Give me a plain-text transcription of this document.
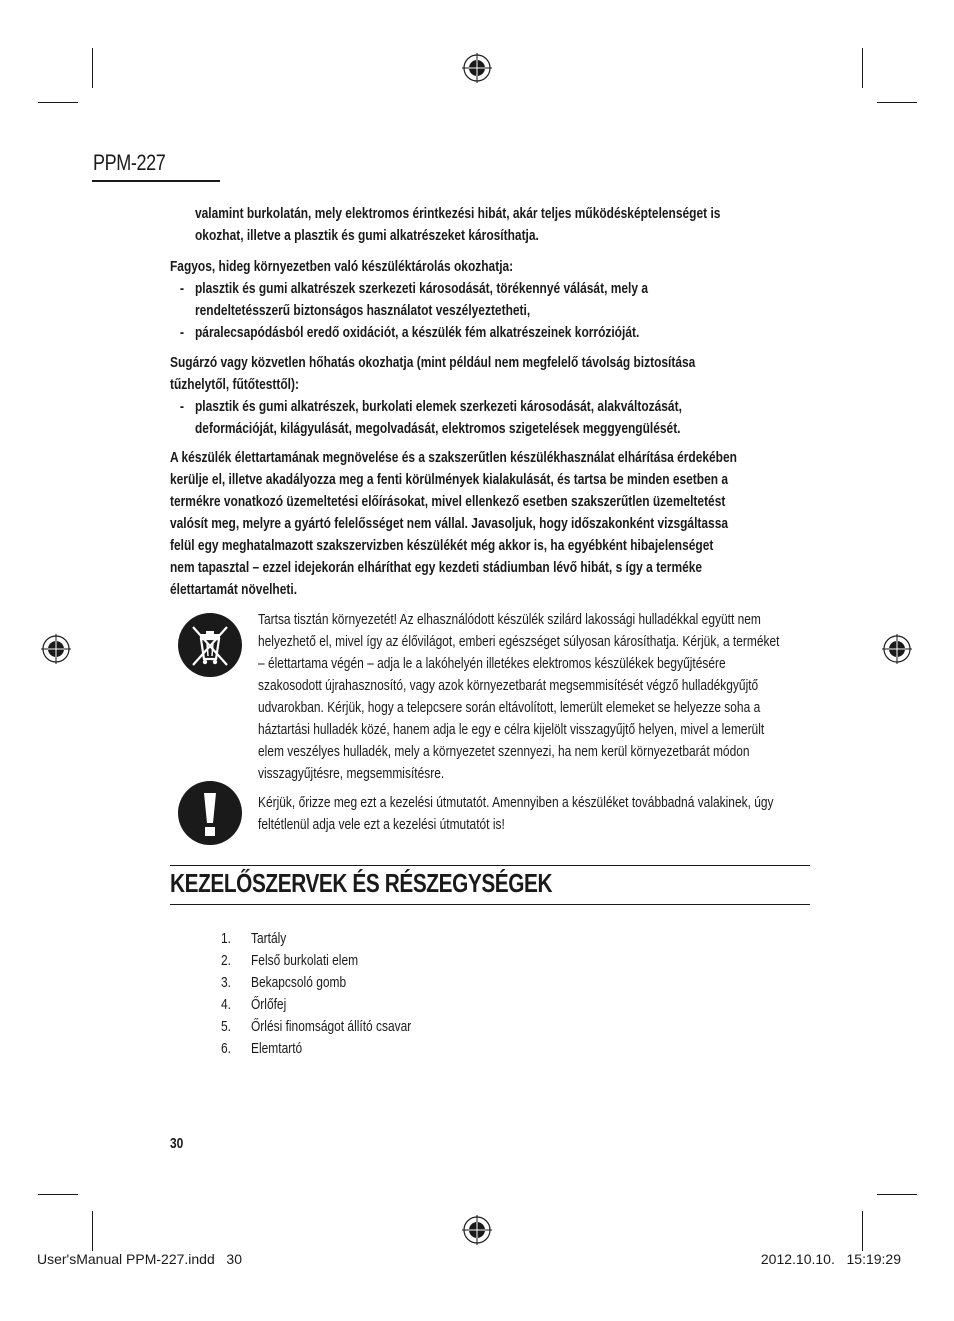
PPM-227
valamint burkolatán, mely elektromos érintkezési hibát, akár teljes működésképtelenséget is
okozhat, illetve a plasztik és gumi alkatrészeket károsíthatja.
Fagyos, hideg környezetben való készüléktárolás okozhatja:
- plasztik és gumi alkatrészek szerkezeti károsodását, törékennyé válását, mely a
rendeltetésszerű biztonságos használatot veszélyeztetheti,
- páralecsapódásból eredő oxidációt, a készülék fém alkatrészeinek korrózióját.
Sugárzó vagy közvetlen hőhatás okozhatja (mint például nem megfelelő távolság biztosítása
tűzhelytől, fűtőtesttől):
- plasztik és gumi alkatrészek, burkolati elemek szerkezeti károsodását, alakváltozását,
deformációját, kilágyulását, megolvadását, elektromos szigetelések meggyengülését.
A készülék élettartamának megnövelése és a szakszerűtlen készülékhasználat elhárítása érdekében
kerülje el, illetve akadályozza meg a fenti körülmények kialakulását, és tartsa be minden esetben a
termékre vonatkozó üzemeltetési előírásokat, mivel ellenkező esetben szakszerűtlen üzemeltetést
valósít meg, melyre a gyártó felelősséget nem vállal. Javasoljuk, hogy időszakonként vizsgáltassa
felül egy meghatalmazott szakszervizben készülékét még akkor is, ha egyébként hibajelenséget
nem tapasztal – ezzel idejekorán elháríthat egy kezdeti stádiumban lévő hibát, s így a terméke
élettartamát növelheti.
Tartsa tisztán környezetét! Az elhasználódott készülék szilárd lakossági hulladékkal együtt nem
helyezhető el, mivel így az élővilágot, emberi egészséget súlyosan károsíthatja. Kérjük, a terméket
– élettartama végén – adja le a lakóhelyén illetékes elektromos készülékek begyűjtésére
szakosodott újrahasznosító, vagy azok környezetbarát megsemmisítését végző hulladékgyűjtő
udvarokban. Kérjük, hogy a telepcsere során eltávolított, lemerült elemeket se helyezze soha a
háztartási hulladék közé, hanem adja le egy e célra kijelölt visszagyűjtő helyen, mivel a lemerült
elem veszélyes hulladék, mely a környezetet szennyezi, ha nem kerül környezetbarát módon
visszagyűjtésre, megsemmisítésre.
Kérjük, őrizze meg ezt a kezelési útmutatót. Amennyiben a készüléket továbbadná valakinek, úgy
feltétlenül adja vele ezt a kezelési útmutatót is!
KEZELŐSZERVEK ÉS RÉSZEGYSÉGEK
1. Tartály
2. Felső burkolati elem
3. Bekapcsoló gomb
4. Őrlőfej
5. Őrlési finomságot állító csavar
6. Elemtartó
30
User'sManual PPM-227.indd   30	2012.10.10.   15:19:29
